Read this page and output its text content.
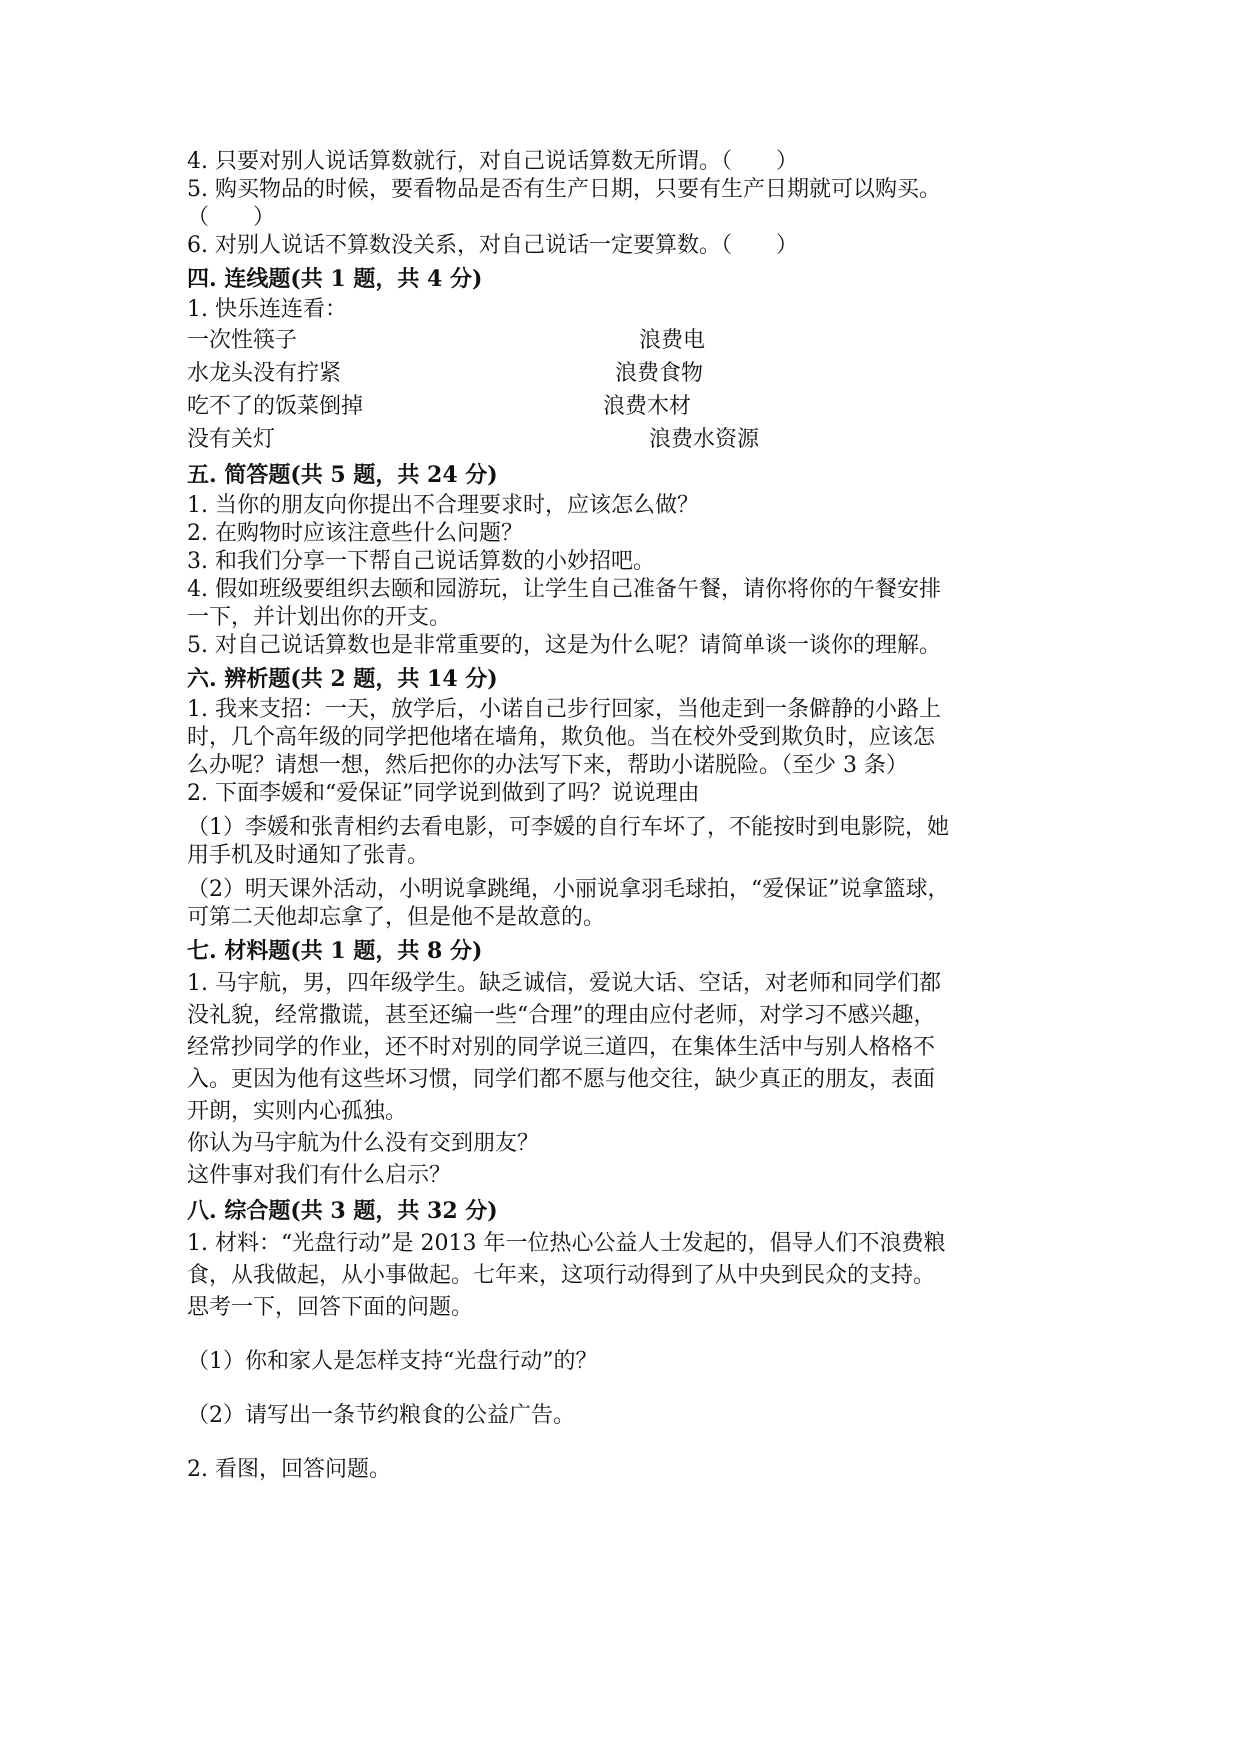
4. 只要对别人说话算数就行，对自己说话算数无所谓。（　　）

5. 购买物品的时候，要看物品是否有生产日期，只要有生产日期就可以购买。

（　　）

6. 对别人说话不算数没关系，对自己说话一定要算数。（　　）

四. 连线题(共 1 题，共 4 分)

1. 快乐连连看：

一次性筷子	浪费电
水龙头没有拧紧	浪费食物
吃不了的饭菜倒掉	浪费木材
没有关灯	浪费水资源

五. 简答题(共 5 题，共 24 分)

1. 当你的朋友向你提出不合理要求时，应该怎么做？

2. 在购物时应该注意些什么问题？

3. 和我们分享一下帮自己说话算数的小妙招吧。

4. 假如班级要组织去颐和园游玩，让学生自己准备午餐，请你将你的午餐安排

一下，并计划出你的开支。

5. 对自己说话算数也是非常重要的，这是为什么呢？请简单谈一谈你的理解。

六. 辨析题(共 2 题，共 14 分)

1. 我来支招：一天，放学后，小诺自己步行回家，当他走到一条僻静的小路上

时，几个高年级的同学把他堵在墙角，欺负他。当在校外受到欺负时，应该怎

么办呢？请想一想，然后把你的办法写下来，帮助小诺脱险。（至少 3 条）

2. 下面李媛和“爱保证”同学说到做到了吗？说说理由

（1）李媛和张青相约去看电影，可李媛的自行车坏了，不能按时到电影院，她

用手机及时通知了张青。

（2）明天课外活动，小明说拿跳绳，小丽说拿羽毛球拍，“爱保证”说拿篮球，

可第二天他却忘拿了，但是他不是故意的。

七. 材料题(共 1 题，共 8 分)

1. 马宇航，男，四年级学生。缺乏诚信，爱说大话、空话，对老师和同学们都

没礼貌，经常撒谎，甚至还编一些“合理”的理由应付老师，对学习不感兴趣，

经常抄同学的作业，还不时对别的同学说三道四，在集体生活中与别人格格不

入。更因为他有这些坏习惯，同学们都不愿与他交往，缺少真正的朋友，表面

开朗，实则内心孤独。

你认为马宇航为什么没有交到朋友？

这件事对我们有什么启示？

八. 综合题(共 3 题，共 32 分)

1. 材料：“光盘行动”是 2013 年一位热心公益人士发起的，倡导人们不浪费粮

食，从我做起，从小事做起。七年来，这项行动得到了从中央到民众的支持。

思考一下，回答下面的问题。

（1）你和家人是怎样支持“光盘行动”的？

（2）请写出一条节约粮食的公益广告。

2. 看图，回答问题。
